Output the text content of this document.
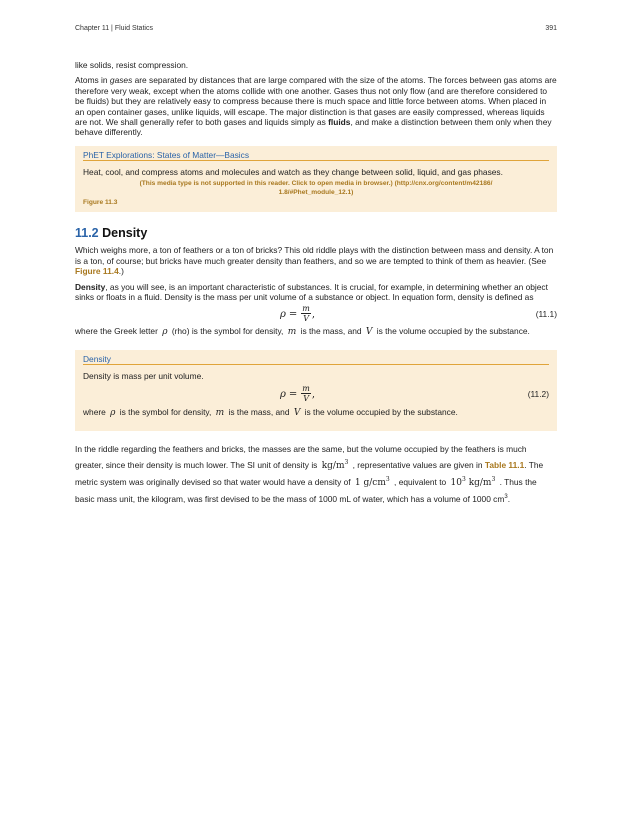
Chapter 11 | Fluid Statics	391

like solids, resist compression.

Atoms in gases are separated by distances that are large compared with the size of the atoms. The forces between gas atoms are therefore very weak, except when the atoms collide with one another. Gases thus not only flow (and are therefore considered to be fluids) but they are relatively easy to compress because there is much space and little force between atoms. When placed in an open container gases, unlike liquids, will escape. The major distinction is that gases are easily compressed, whereas liquids are not. We shall generally refer to both gases and liquids simply as fluids, and make a distinction between them only when they behave differently.

PhET Explorations: States of Matter—Basics

Heat, cool, and compress atoms and molecules and watch as they change between solid, liquid, and gas phases.

(This media type is not supported in this reader. Click to open media in browser.) (http://cnx.org/content/m42186/
1.8/#Phet_module_12.1)
Figure 11.3
11.2 Density

Which weighs more, a ton of feathers or a ton of bricks? This old riddle plays with the distinction between mass and density. A ton is a ton, of course; but bricks have much greater density than feathers, and so we are tempted to think of them as heavier. (See Figure 11.4.)

Density, as you will see, is an important characteristic of substances. It is crucial, for example, in determining whether an object sinks or floats in a fluid. Density is the mass per unit volume of a substance or object. In equation form, density is defined as

$\rho = \frac{m}{V}$ ,	(11.1)

where the Greek letter ρ (rho) is the symbol for density, m is the mass, and V is the volume occupied by the substance.

Density

Density is mass per unit volume.

$\rho = \frac{m}{V}$ ,	(11.2)

where ρ is the symbol for density, m is the mass, and V is the volume occupied by the substance.

In the riddle regarding the feathers and bricks, the masses are the same, but the volume occupied by the feathers is much greater, since their density is much lower. The SI unit of density is $kg/m^3$ , representative values are given in Table 11.1. The metric system was originally devised so that water would have a density of 1 $g/cm^3$ , equivalent to $10^3$ $kg/m^3$ . Thus the basic mass unit, the kilogram, was first devised to be the mass of 1000 mL of water, which has a volume of 1000 $cm^3$.
